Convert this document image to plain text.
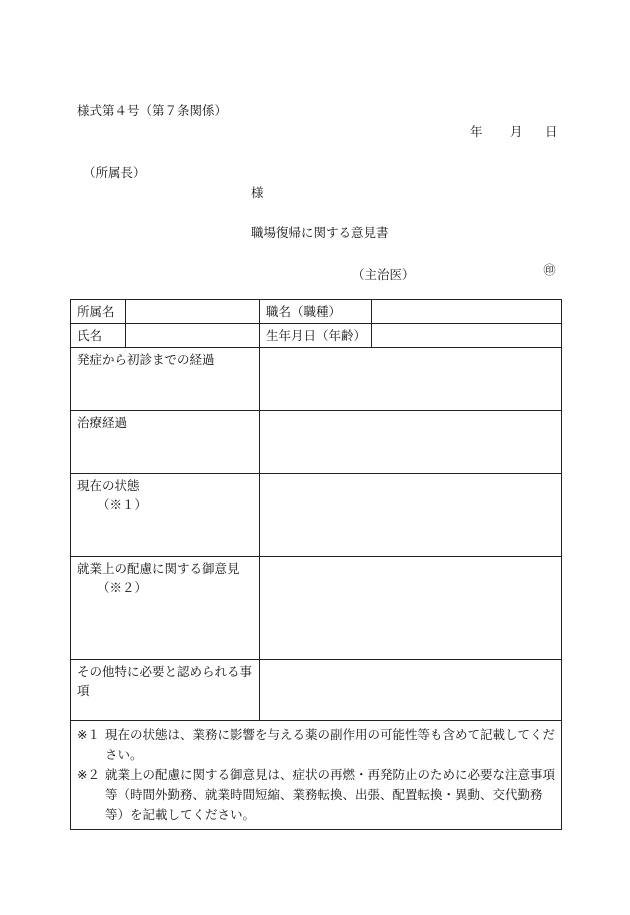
様式第４号（第７条関係）
年 月 日
（所属長）
様
職場復帰に関する意見書
（主治医）	㊞
所属名		職名（職種）	
氏名		生年月日（年齢）	
発症から初診までの経過			
治療経過			
現在の状態
（※１）			

就業上の配慮に関する御意見
（※２）			

その他特に必要と認められる事項			

※１ 現在の状態は、業務に影響を与える薬の副作用の可能性等も含めて記載してください。
※２ 就業上の配慮に関する御意見は、症状の再燃・再発防止のために必要な注意事項等（時間外勤務、就業時間短縮、業務転換、出張、配置転換・異動、交代勤務等）を記載してください。			
